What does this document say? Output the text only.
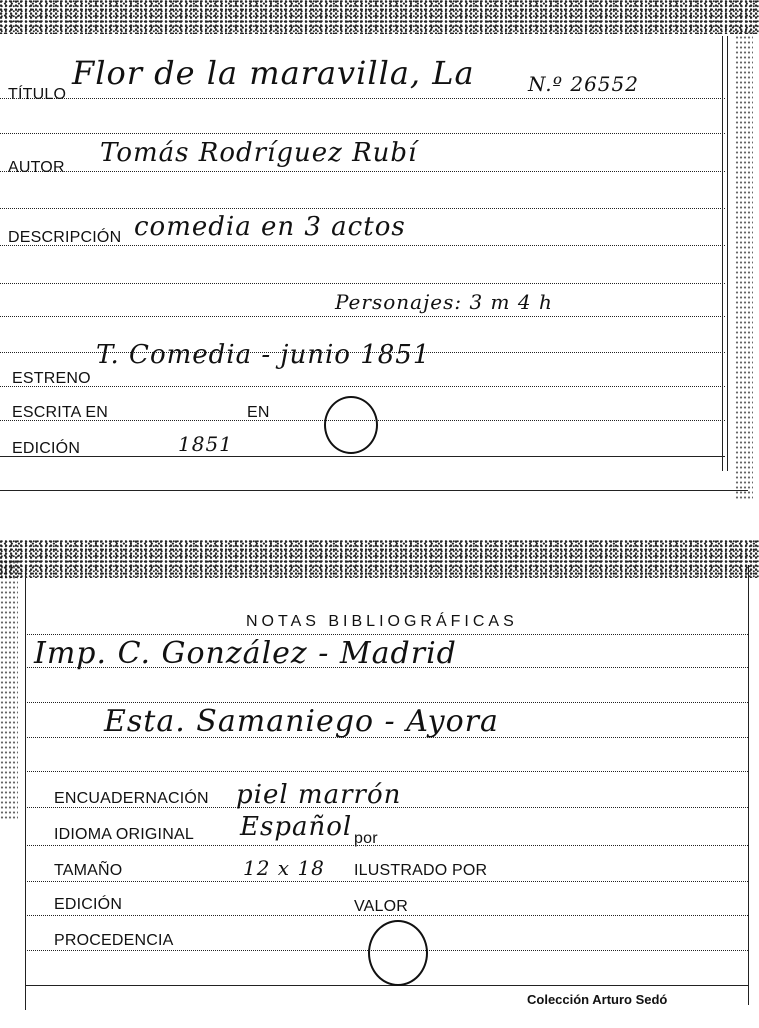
TÍTULO
Flor de la maravilla, La	N.º 26552
AUTOR Tomás Rodríguez Rubí
DESCRIPCIÓN comedia en 3 actos
Personajes: 3 m 4 h
ESTRENO
T. Comedia - junio 1851
ESCRITA EN	EN
EDICIÓN	1851
NOTAS BIBLIOGRÁFICAS
Imp. C. González - Madrid
Esta. Samaniego - Ayora
ENCUADERNACIÓN piel marrón
IDIOMA ORIGINAL Español por
TAMAÑO	12 x 18 ILUSTRADO POR
EDICIÓN	VALOR
PROCEDENCIA
Colección Arturo Sedó
